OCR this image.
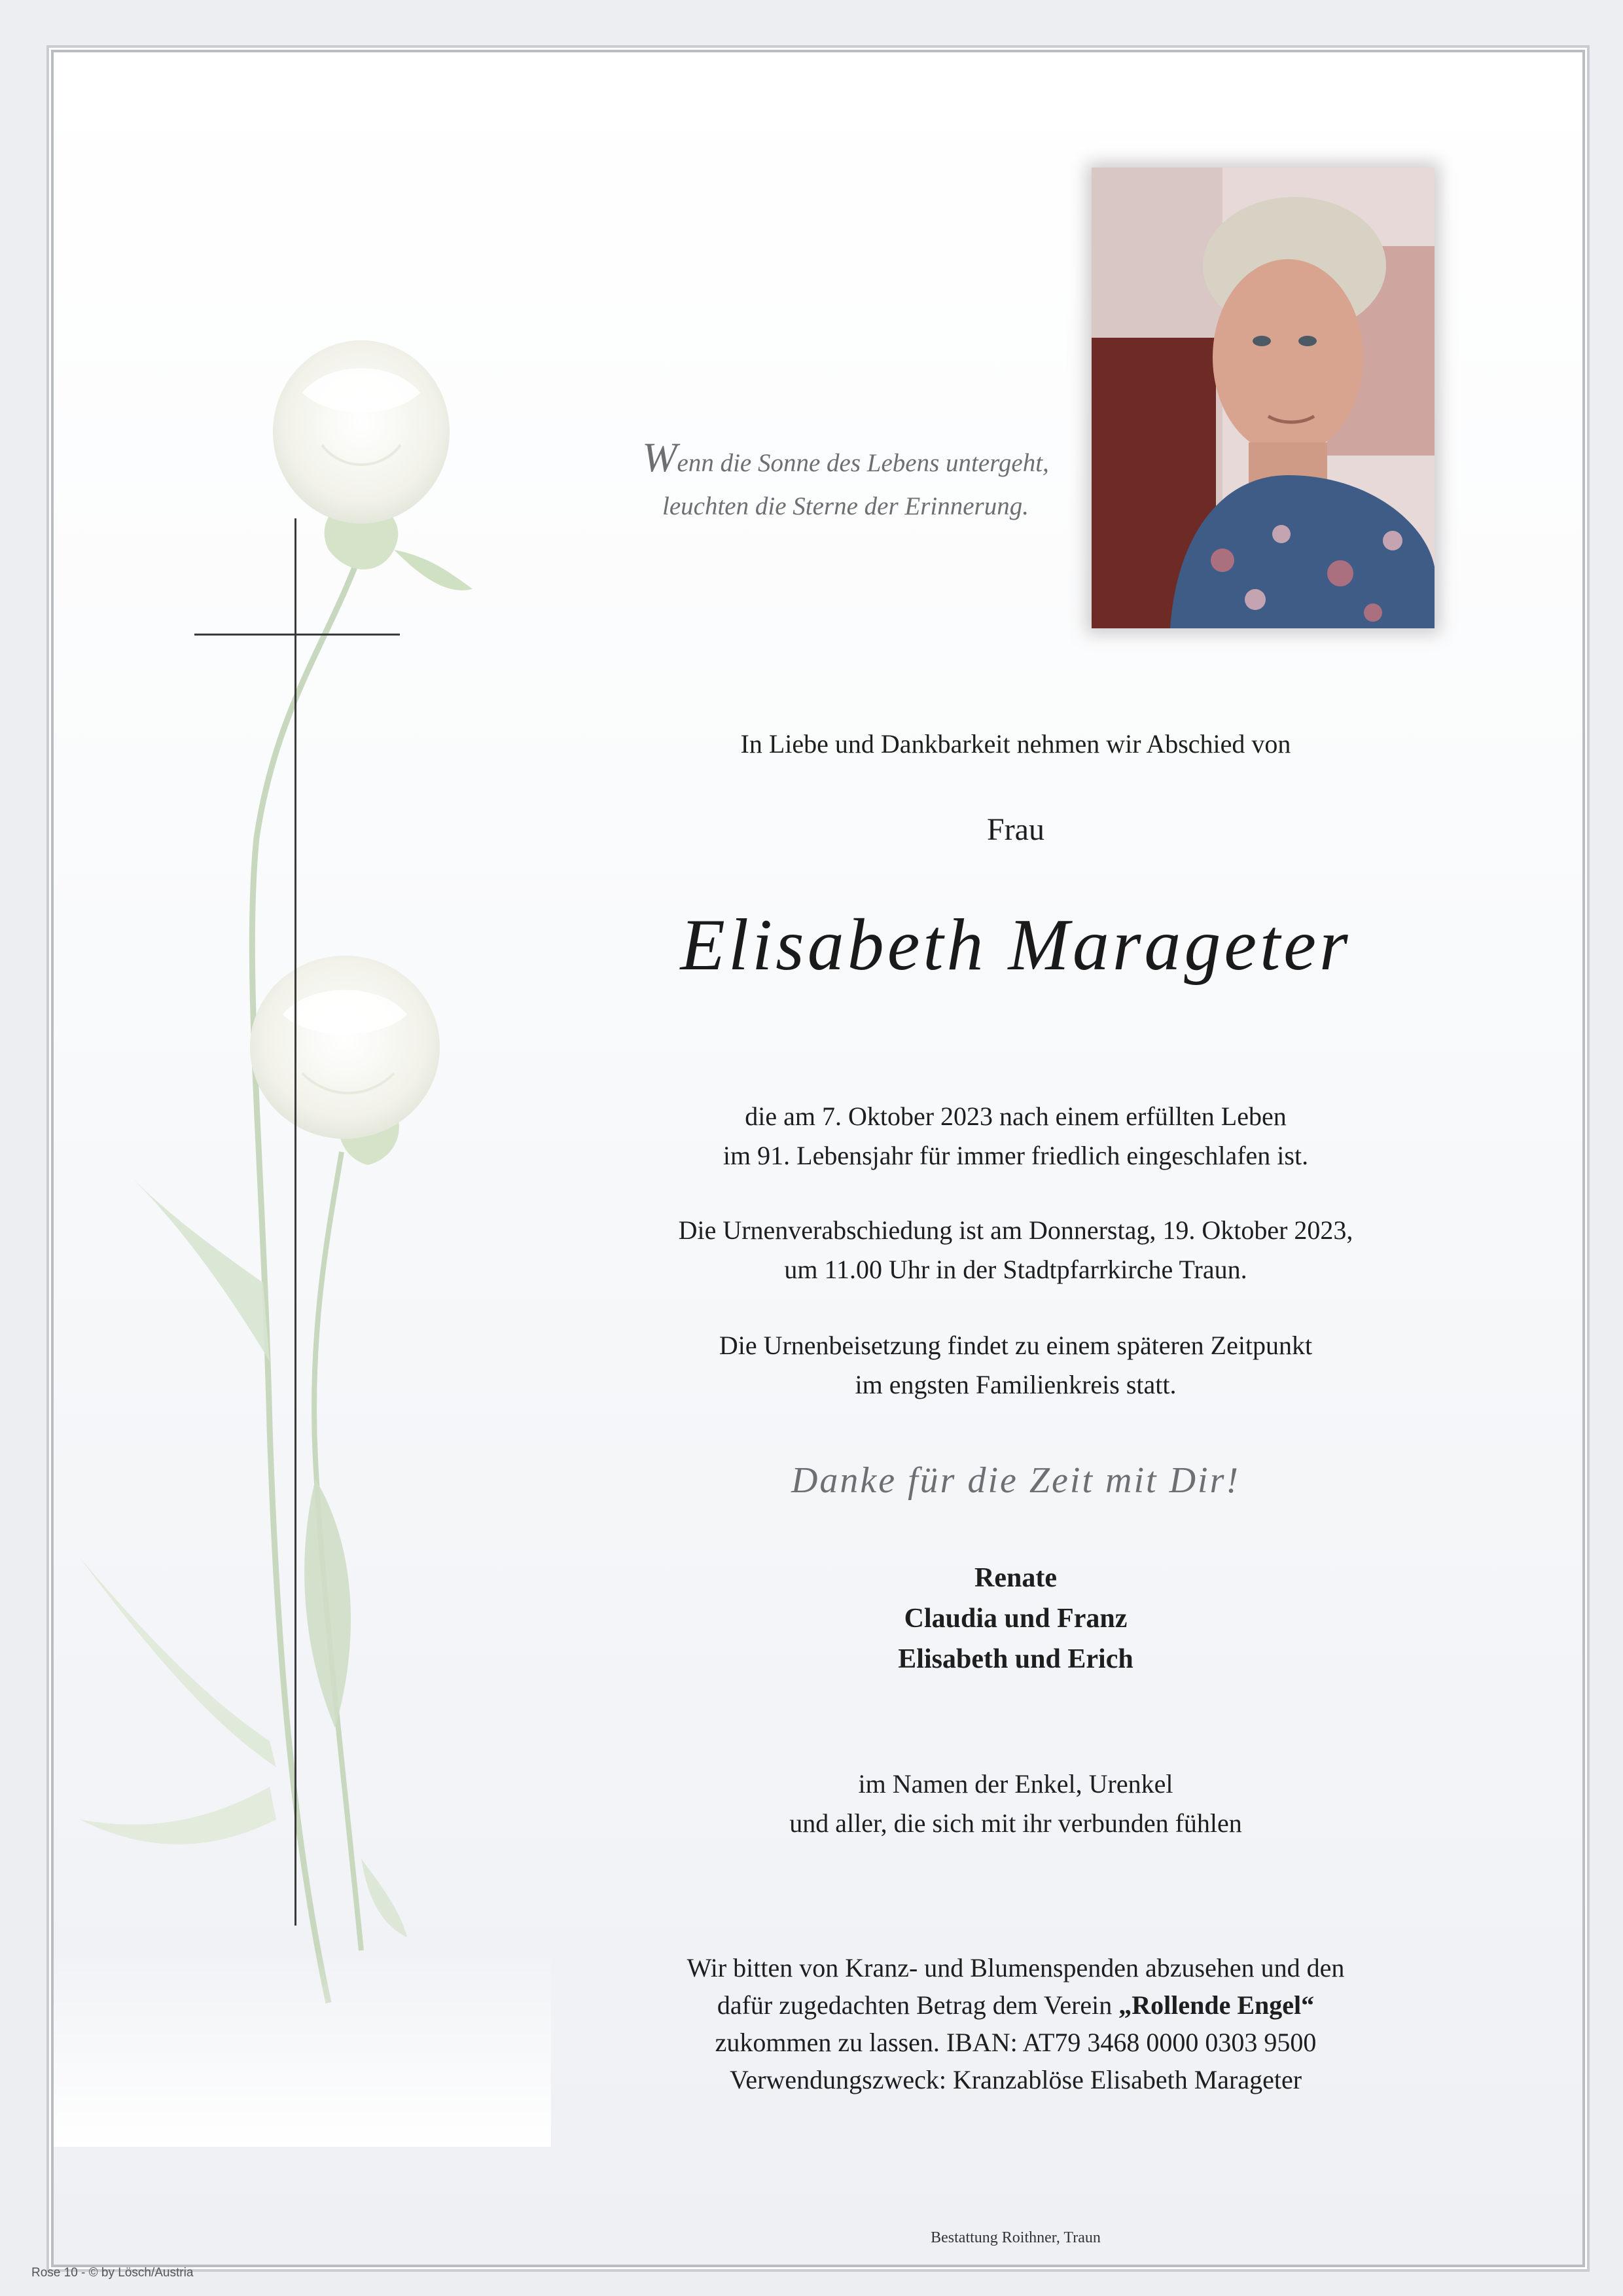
Wenn die Sonne des Lebens untergeht,
leuchten die Sterne der Erinnerung.
In Liebe und Dankbarkeit nehmen wir Abschied von
Frau
Elisabeth Marageter
die am 7. Oktober 2023 nach einem erfüllten Leben
im 91. Lebensjahr für immer friedlich eingeschlafen ist.
Die Urnenverabschiedung ist am Donnerstag, 19. Oktober 2023,
um 11.00 Uhr in der Stadtpfarrkirche Traun.
Die Urnenbeisetzung findet zu einem späteren Zeitpunkt
im engsten Familienkreis statt.
Danke für die Zeit mit Dir!
Renate
Claudia und Franz
Elisabeth und Erich
im Namen der Enkel, Urenkel
und aller, die sich mit ihr verbunden fühlen
Wir bitten von Kranz- und Blumenspenden abzusehen und den
dafür zugedachten Betrag dem Verein „Rollende Engel“
zukommen zu lassen. IBAN: AT79 3468 0000 0303 9500
Verwendungszweck: Kranzablöse Elisabeth Marageter
Bestattung Roithner, Traun
Rose 10 - © by Lösch/Austria
